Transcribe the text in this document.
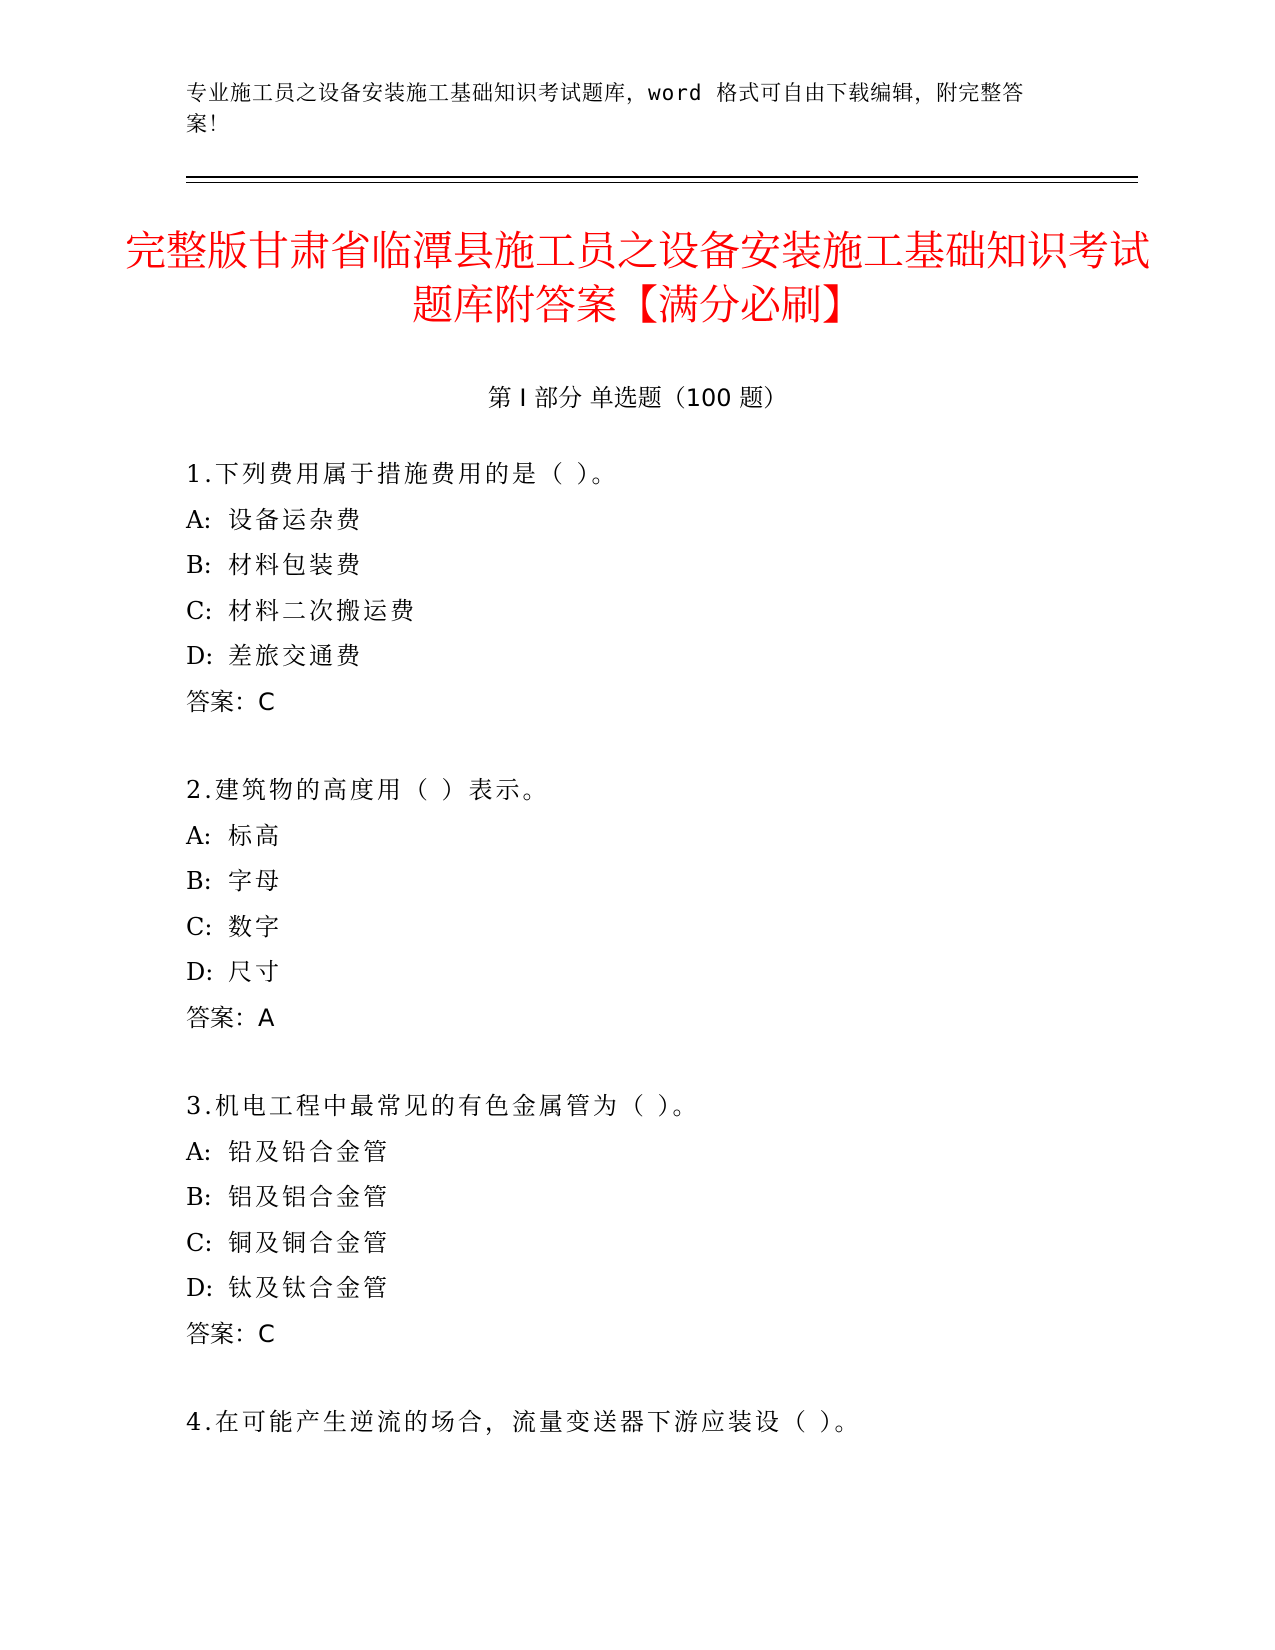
专业施工员之设备安装施工基础知识考试题库，word 格式可自由下载编辑，附完整答案！
完整版甘肃省临潭县施工员之设备安装施工基础知识考试题库附答案【满分必刷】
第 I 部分 单选题（100 题）
1.下列费用属于措施费用的是（ ）。
A: 设备运杂费
B: 材料包装费
C: 材料二次搬运费
D: 差旅交通费
答案：C
2.建筑物的高度用（ ）表示。
A: 标高
B: 字母
C: 数字
D: 尺寸
答案：A
3.机电工程中最常见的有色金属管为（ ）。
A: 铅及铅合金管
B: 铝及铝合金管
C: 铜及铜合金管
D: 钛及钛合金管
答案：C
4.在可能产生逆流的场合，流量变送器下游应装设（ ）。
